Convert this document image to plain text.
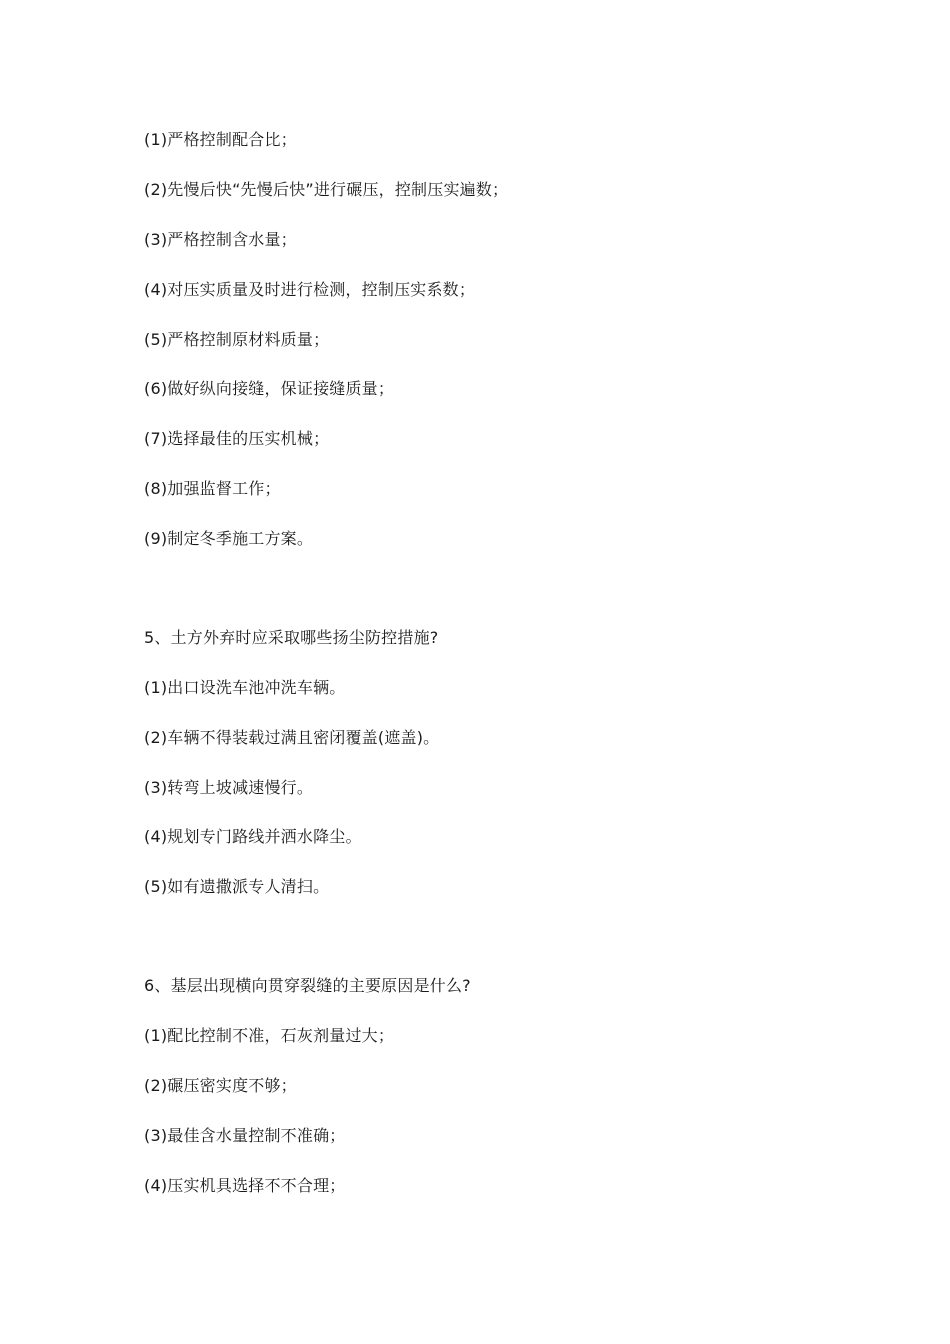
(1)严格控制配合比；
(2)先慢后快“先慢后快”进行碾压，控制压实遍数；
(3)严格控制含水量；
(4)对压实质量及时进行检测，控制压实系数；
(5)严格控制原材料质量；
(6)做好纵向接缝，保证接缝质量；
(7)选择最佳的压实机械；
(8)加强监督工作；
(9)制定冬季施工方案。
5、土方外弃时应采取哪些扬尘防控措施?
(1)出口设洗车池冲洗车辆。
(2)车辆不得装载过满且密闭覆盖(遮盖)。
(3)转弯上坡减速慢行。
(4)规划专门路线并洒水降尘。
(5)如有遗撒派专人清扫。
6、基层出现横向贯穿裂缝的主要原因是什么?
(1)配比控制不准，石灰剂量过大；
(2)碾压密实度不够；
(3)最佳含水量控制不准确；
(4)压实机具选择不不合理；
